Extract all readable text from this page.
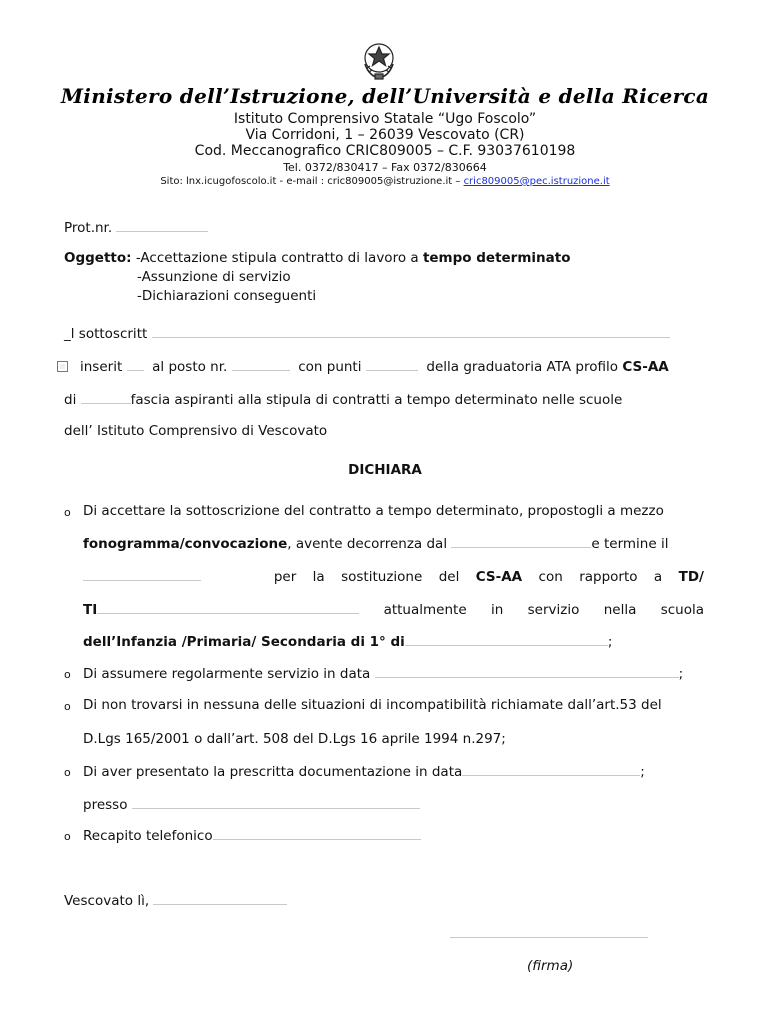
Ministero dell’Istruzione, dell’Università e della Ricerca
Istituto Comprensivo Statale “Ugo Foscolo”
Via Corridoni, 1 – 26039 Vescovato (CR)
Cod. Meccanografico CRIC809005 – C.F. 93037610198
Tel. 0372/830417 – Fax 0372/830664
Sito: lnx.icugofoscolo.it - e-mail : cric809005@istruzione.it – cric809005@pec.istruzione.it
Prot.nr.
Oggetto: -Accettazione stipula contratto di lavoro a tempo determinato
-Assunzione di servizio
-Dichiarazioni conseguenti
_l sottoscritt
inserit al posto nr.	con punti	della graduatoria ATA profilo CS-AA
di	fascia aspiranti alla stipula di contratti a tempo determinato nelle scuole
dell’ Istituto Comprensivo di Vescovato
DICHIARA
o Di accettare la sottoscrizione del contratto a tempo determinato, propostogli a mezzo
fonogramma/convocazione, avente decorrenza dal	e termine il
per la sostituzione del CS-AA con rapporto a TD/
TI	attualmente in servizio nella scuola
dell’Infanzia /Primaria/ Secondaria di 1° di	;
o Di assumere regolarmente servizio in data	;
o Di non trovarsi in nessuna delle situazioni di incompatibilità richiamate dall’art.53 del
D.Lgs 165/2001 o dall’art. 508 del D.Lgs 16 aprile 1994 n.297;
o Di aver presentato la prescritta documentazione in data	;
presso
o Recapito telefonico
Vescovato lì,
(firma)
